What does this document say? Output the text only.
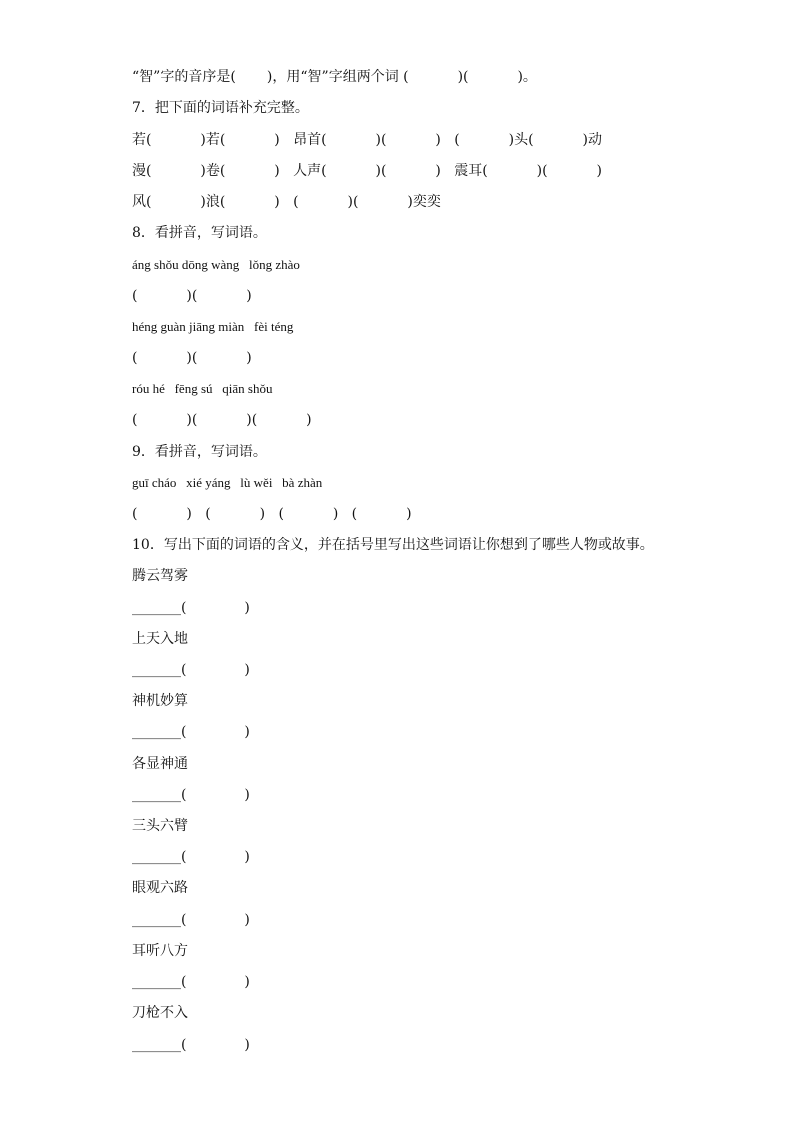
“智”字的音序是(       )，用“智”字组两个词 (           )(           )。
7．把下面的词语补充完整。
若(           )若(           )   昂首(           )(           )   (           )头(           )动
漫(           )卷(           )   人声(           )(           )   震耳(           )(           )
风(           )浪(           )   (           )(           )奕奕
8．看拼音，写词语。
áng shǒu dōng wàng   lǒng zhào
(           )(           )
héng guàn jiāng miàn   fèi téng
(           )(           )
róu hé   fēng sú   qiān shǒu
(           )(           )(           )
9．看拼音，写词语。
guī cháo   xié yáng   lù wěi   bà zhàn
(           )   (           )   (           )   (           )
10．写出下面的词语的含义，并在括号里写出这些词语让你想到了哪些人物或故事。
腾云驾雾
_______(             )
上天入地
_______(             )
神机妙算
_______(             )
各显神通
_______(             )
三头六臂
_______(             )
眼观六路
_______(             )
耳听八方
_______(             )
刀枪不入
_______(             )
